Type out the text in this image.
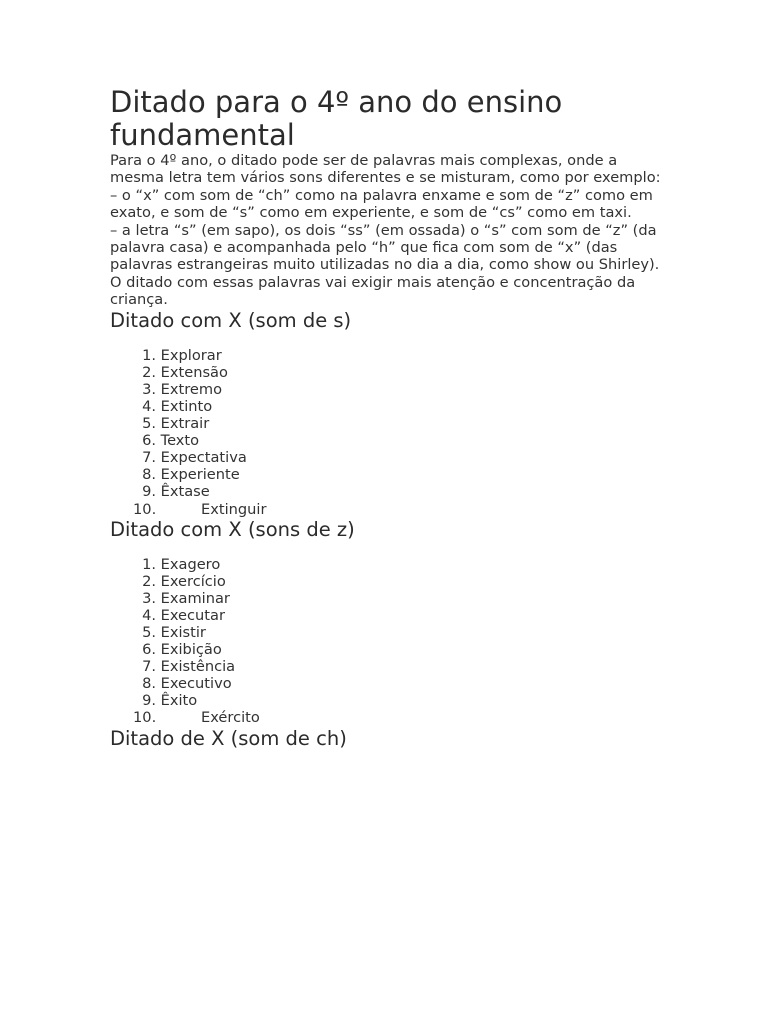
Ditado para o 4º ano do ensino fundamental

Para o 4º ano, o ditado pode ser de palavras mais complexas, onde a mesma letra tem vários sons diferentes e se misturam, como por exemplo:

– o “x” com som de “ch” como na palavra enxame e som de “z” como em exato, e som de “s” como em experiente, e som de “cs” como em taxi.

– a letra “s” (em sapo), os dois “ss” (em ossada) o “s” com som de “z” (da palavra casa) e acompanhada pelo “h” que fica com som de “x” (das palavras estrangeiras muito utilizadas no dia a dia, como show ou Shirley).

O ditado com essas palavras vai exigir mais atenção e concentração da criança.

Ditado com X (som de s)
1.
Explorar
2.
Extensão
3.
Extremo
4.
Extinto
5.
Extrair
6.
Texto
7.
Expectativa
8.
Experiente
9.
Êxtase
10.	Extinguir
Ditado com X (sons de z)
1.
Exagero
2.
Exercício
3.
Examinar
4.
Executar
5.
Existir
6.
Exibição
7.
Existência
8.
Executivo
9.
Êxito
10.	Exército
Ditado de X (som de ch)
